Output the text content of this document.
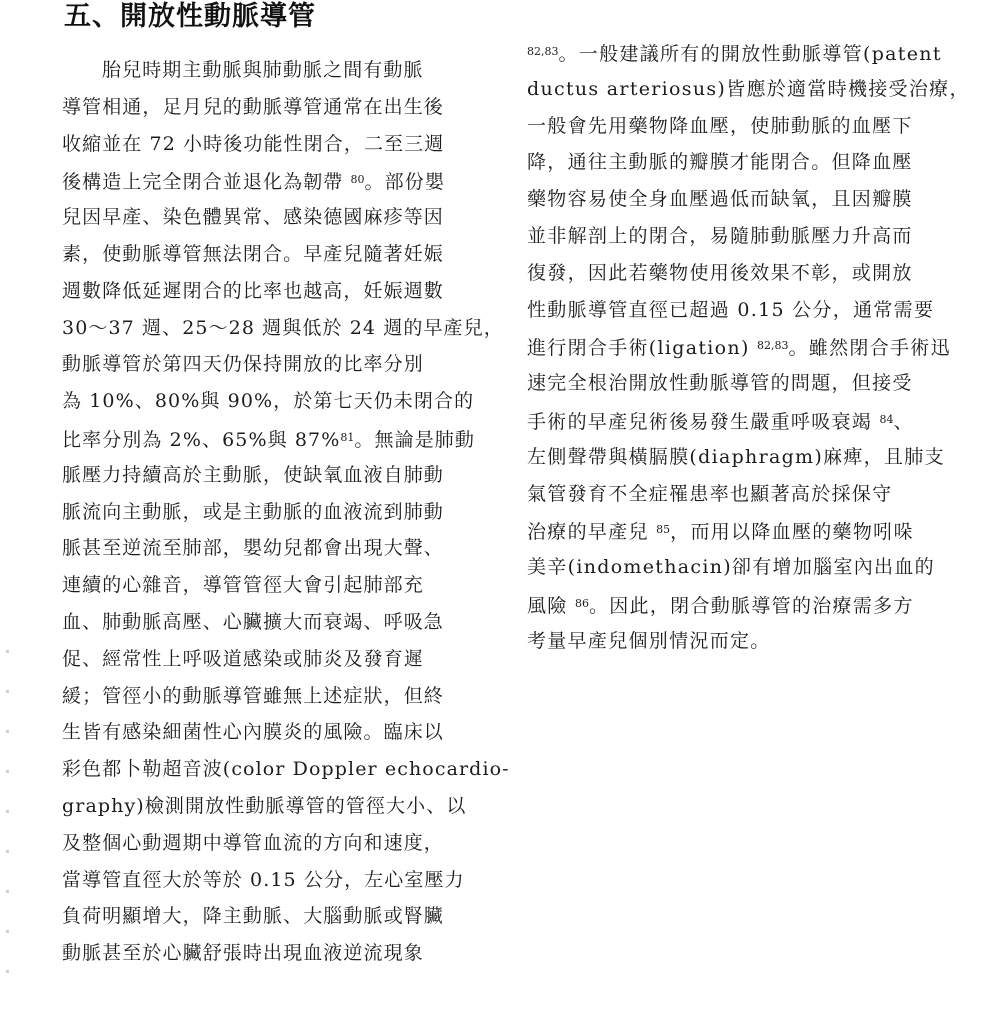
五、開放性動脈導管
胎兒時期主動脈與肺動脈之間有動脈
導管相通，足月兒的動脈導管通常在出生後
收縮並在 72 小時後功能性閉合，二至三週
後構造上完全閉合並退化為韌帶 $^{80}$。部份嬰
兒因早產、染色體異常、感染德國麻疹等因
素，使動脈導管無法閉合。早產兒隨著妊娠
週數降低延遲閉合的比率也越高，妊娠週數
30～37 週、25～28 週與低於 24 週的早產兒，
動脈導管於第四天仍保持開放的比率分別
為 10%、80%與 90%，於第七天仍未閉合的
比率分別為 2%、65%與 87%$^{81}$。無論是肺動
脈壓力持續高於主動脈，使缺氧血液自肺動
脈流向主動脈，或是主動脈的血液流到肺動
脈甚至逆流至肺部，嬰幼兒都會出現大聲、
連續的心雜音，導管管徑大會引起肺部充
血、肺動脈高壓、心臟擴大而衰竭、呼吸急
促、經常性上呼吸道感染或肺炎及發育遲
緩；管徑小的動脈導管雖無上述症狀，但終
生皆有感染細菌性心內膜炎的風險。臨床以
彩色都卜勒超音波(color Doppler echocardio-
graphy)檢測開放性動脈導管的管徑大小、以
及整個心動週期中導管血流的方向和速度，
當導管直徑大於等於 0.15 公分，左心室壓力
負荷明顯增大，降主動脈、大腦動脈或腎臟
動脈甚至於心臟舒張時出現血液逆流現象
$^{82,83}$。一般建議所有的開放性動脈導管(patent
ductus arteriosus)皆應於適當時機接受治療，
一般會先用藥物降血壓，使肺動脈的血壓下
降，通往主動脈的瓣膜才能閉合。但降血壓
藥物容易使全身血壓過低而缺氧，且因瓣膜
並非解剖上的閉合，易隨肺動脈壓力升高而
復發，因此若藥物使用後效果不彰，或開放
性動脈導管直徑已超過 0.15 公分，通常需要
進行閉合手術(ligation) $^{82,83}$。雖然閉合手術迅
速完全根治開放性動脈導管的問題，但接受
手術的早產兒術後易發生嚴重呼吸衰竭 $^{84}$、
左側聲帶與橫膈膜(diaphragm)麻痺，且肺支
氣管發育不全症罹患率也顯著高於採保守
治療的早產兒 $^{85}$，而用以降血壓的藥物吲哚
美辛(indomethacin)卻有增加腦室內出血的
風險 $^{86}$。因此，閉合動脈導管的治療需多方
考量早產兒個別情況而定。
